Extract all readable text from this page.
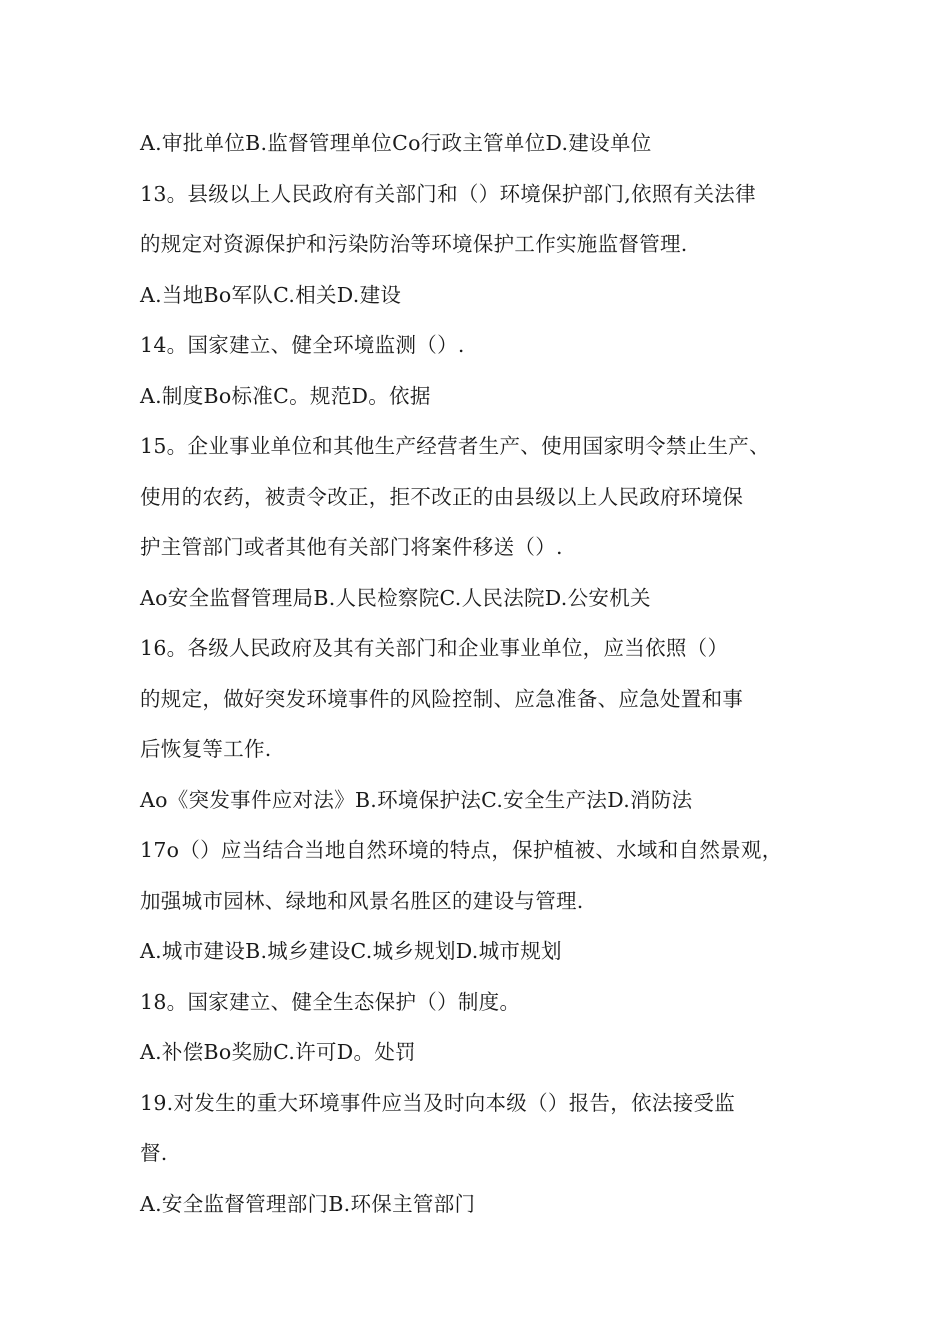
A.审批单位B.监督管理单位Co行政主管单位D.建设单位
13。县级以上人民政府有关部门和（）环境保护部门,依照有关法律
的规定对资源保护和污染防治等环境保护工作实施监督管理.
A.当地Bo军队C.相关D.建设
14。国家建立、健全环境监测（）.
A.制度Bo标准C。规范D。依据
15。企业事业单位和其他生产经营者生产、使用国家明令禁止生产、
使用的农药，被责令改正，拒不改正的由县级以上人民政府环境保
护主管部门或者其他有关部门将案件移送（）.
Ao安全监督管理局B.人民检察院C.人民法院D.公安机关
16。各级人民政府及其有关部门和企业事业单位，应当依照（）
的规定，做好突发环境事件的风险控制、应急准备、应急处置和事
后恢复等工作.
Ao《突发事件应对法》B.环境保护法C.安全生产法D.消防法
17o（）应当结合当地自然环境的特点，保护植被、水域和自然景观，
加强城市园林、绿地和风景名胜区的建设与管理.
A.城市建设B.城乡建设C.城乡规划D.城市规划
18。国家建立、健全生态保护（）制度。
A.补偿Bo奖励C.许可D。处罚
19.对发生的重大环境事件应当及时向本级（）报告，依法接受监
督.
A.安全监督管理部门B.环保主管部门
